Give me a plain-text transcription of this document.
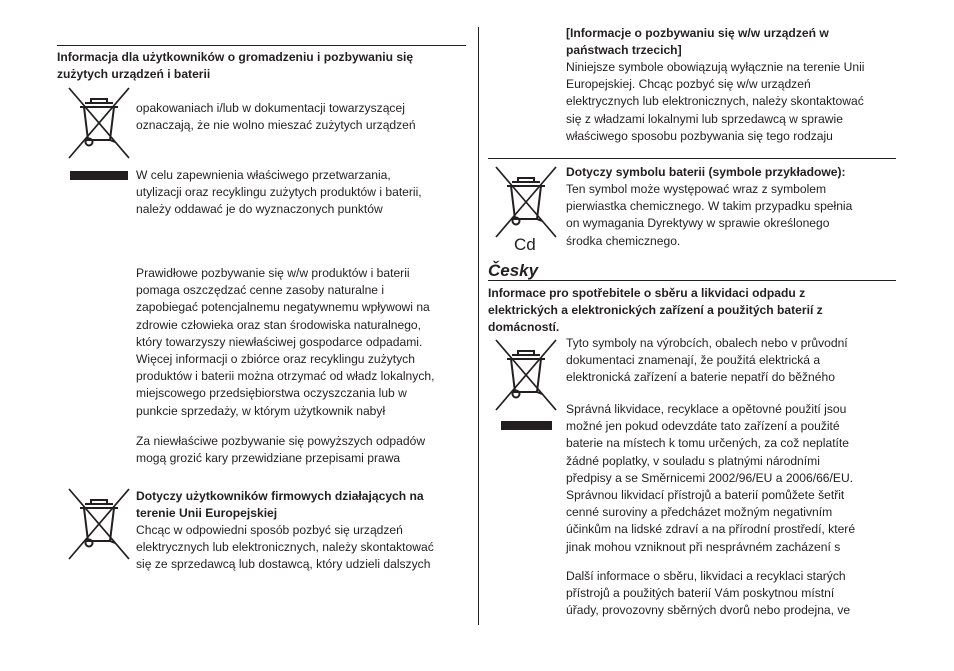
Informacja dla użytkowników o gromadzeniu i pozbywaniu się
zużytych urządzeń i baterii
opakowaniach i/lub w dokumentacji towarzyszącej
oznaczają, że nie wolno mieszać zużytych urządzeń
W celu zapewnienia właściwego przetwarzania,
utylizacji oraz recyklingu zużytych produktów i baterii,
należy oddawać je do wyznaczonych punktów
Prawidłowe pozbywanie się w/w produktów i baterii
pomaga oszczędzać cenne zasoby naturalne i
zapobiegać potencjalnemu negatywnemu wpływowi na
zdrowie człowieka oraz stan środowiska naturalnego,
który towarzyszy niewłaściwej gospodarce odpadami.
Więcej informacji o zbiórce oraz recyklingu zużytych
produktów i baterii można otrzymać od władz lokalnych,
miejscowego przedsiębiorstwa oczyszczania lub w
punkcie sprzedaży, w którym użytkownik nabył
Za niewłaściwe pozbywanie się powyższych odpadów
mogą grozić kary przewidziane przepisami prawa
Dotyczy użytkowników firmowych działających na
terenie Unii Europejskiej
Chcąc w odpowiedni sposób pozbyć się urządzeń
elektrycznych lub elektronicznych, należy skontaktować
się ze sprzedawcą lub dostawcą, który udzieli dalszych
[Informacje o pozbywaniu się w/w urządzeń w
państwach trzecich]
Niniejsze symbole obowiązują wyłącznie na terenie Unii
Europejskiej. Chcąc pozbyć się w/w urządzeń
elektrycznych lub elektronicznych, należy skontaktować
się z władzami lokalnymi lub sprzedawcą w sprawie
właściwego sposobu pozbywania się tego rodzaju
Cd
Dotyczy symbolu baterii (symbole przykładowe):
Ten symbol może występować wraz z symbolem
pierwiastka chemicznego. W takim przypadku spełnia
on wymagania Dyrektywy w sprawie określonego
środka chemicznego.
Česky
Informace pro spotřebitele o sběru a likvidaci odpadu z
elektrických a elektronických zařízení a použitých baterií z
domácností.
Tyto symboly na výrobcích, obalech nebo v průvodní
dokumentaci znamenají, že použitá elektrická a
elektronická zařízení a baterie nepatří do běžného
Správná likvidace, recyklace a opětovné použití jsou
možné jen pokud odevzdáte tato zařízení a použité
baterie na místech k tomu určených, za což neplatíte
žádné poplatky, v souladu s platnými národními
předpisy a se Směrnicemi 2002/96/EU a 2006/66/EU.
Správnou likvidací přístrojů a baterií pomůžete šetřit
cenné suroviny a předcházet možným negativním
účinkům na lidské zdraví a na přírodní prostředí, které
jinak mohou vzniknout při nesprávném zacházení s
Další informace o sběru, likvidaci a recyklaci starých
přístrojů a použitých baterií Vám poskytnou místní
úřady, provozovny sběrných dvorů nebo prodejna, ve
